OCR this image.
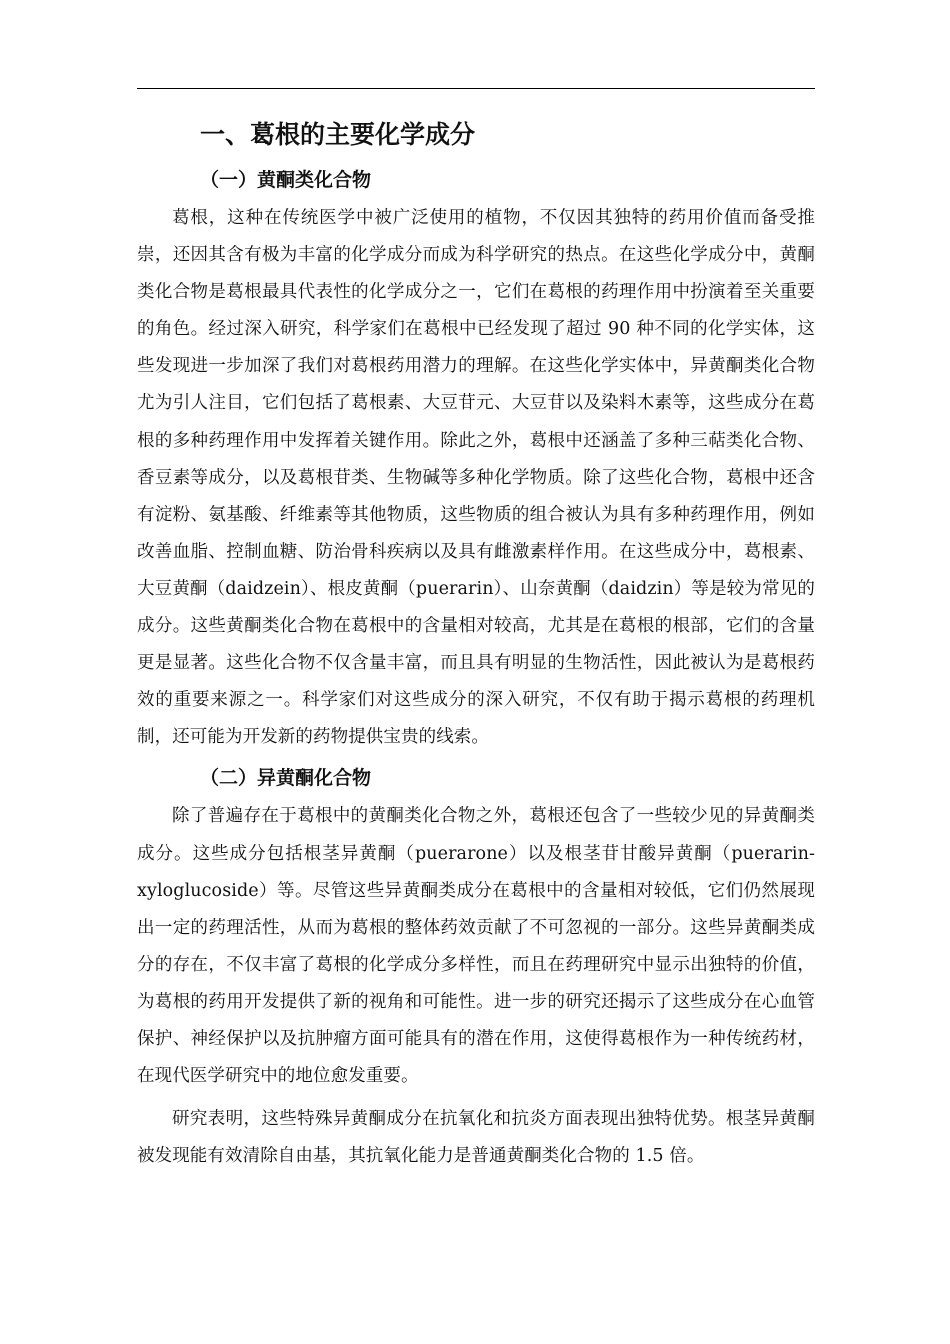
一、葛根的主要化学成分
（一）黄酮类化合物

葛根，这种在传统医学中被广泛使用的植物，不仅因其独特的药用价值而备受推崇，还因其含有极为丰富的化学成分而成为科学研究的热点。在这些化学成分中，黄酮类化合物是葛根最具代表性的化学成分之一，它们在葛根的药理作用中扮演着至关重要的角色。经过深入研究，科学家们在葛根中已经发现了超过 90 种不同的化学实体，这些发现进一步加深了我们对葛根药用潜力的理解。在这些化学实体中，异黄酮类化合物尤为引人注目，它们包括了葛根素、大豆苷元、大豆苷以及染料木素等，这些成分在葛根的多种药理作用中发挥着关键作用。除此之外，葛根中还涵盖了多种三萜类化合物、香豆素等成分，以及葛根苷类、生物碱等多种化学物质。除了这些化合物，葛根中还含有淀粉、氨基酸、纤维素等其他物质，这些物质的组合被认为具有多种药理作用，例如改善血脂、控制血糖、防治骨科疾病以及具有雌激素样作用。在这些成分中，葛根素、大豆黄酮（daidzein）、根皮黄酮（puerarin）、山奈黄酮（daidzin）等是较为常见的成分。这些黄酮类化合物在葛根中的含量相对较高，尤其是在葛根的根部，它们的含量更是显著。这些化合物不仅含量丰富，而且具有明显的生物活性，因此被认为是葛根药效的重要来源之一。科学家们对这些成分的深入研究，不仅有助于揭示葛根的药理机制，还可能为开发新的药物提供宝贵的线索。

（二）异黄酮化合物

除了普遍存在于葛根中的黄酮类化合物之外，葛根还包含了一些较少见的异黄酮类成分。这些成分包括根茎异黄酮（puerarone）以及根茎苷甘酸异黄酮（puerarin-xyloglucoside）等。尽管这些异黄酮类成分在葛根中的含量相对较低，它们仍然展现出一定的药理活性，从而为葛根的整体药效贡献了不可忽视的一部分。这些异黄酮类成分的存在，不仅丰富了葛根的化学成分多样性，而且在药理研究中显示出独特的价值，为葛根的药用开发提供了新的视角和可能性。进一步的研究还揭示了这些成分在心血管保护、神经保护以及抗肿瘤方面可能具有的潜在作用，这使得葛根作为一种传统药材，在现代医学研究中的地位愈发重要。

研究表明，这些特殊异黄酮成分在抗氧化和抗炎方面表现出独特优势。根茎异黄酮被发现能有效清除自由基，其抗氧化能力是普通黄酮类化合物的 1.5 倍。
